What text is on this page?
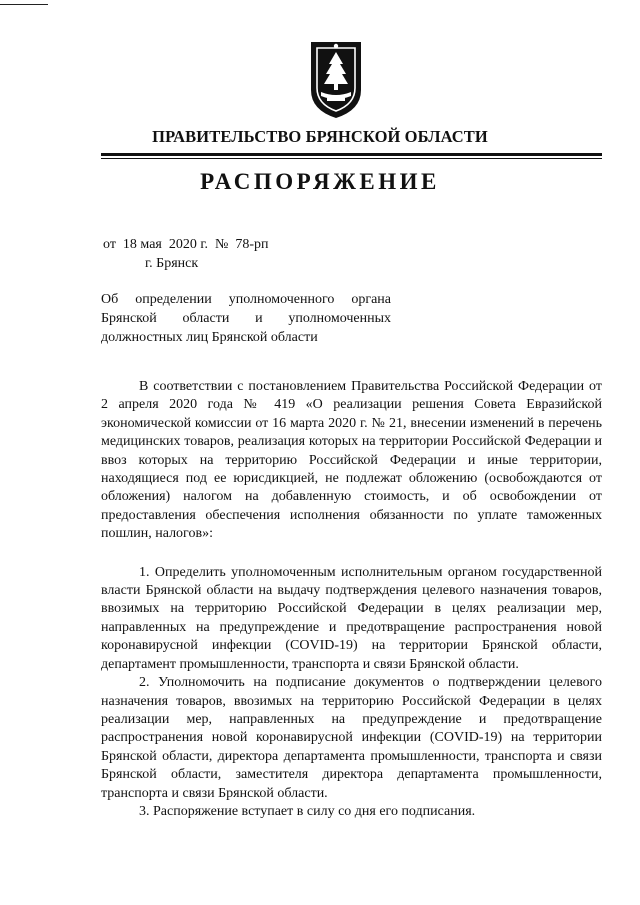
ПРАВИТЕЛЬСТВО БРЯНСКОЙ ОБЛАСТИ
РАСПОРЯЖЕНИЕ
от  18 мая  2020 г.  №  78-рп
г. Брянск
Об определении уполномоченного органа Брянской области и уполномоченных должностных лиц Брянской области

В соответствии с постановлением Правительства Российской Федерации от 2 апреля 2020 года № 419 «О реализации решения Совета Евразийской экономической комиссии от 16 марта 2020 г. № 21, внесении изменений в перечень медицинских товаров, реализация которых на территории Российской Федерации и ввоз которых на территорию Российской Федерации и иные территории, находящиеся под ее юрисдикцией, не подлежат обложению (освобождаются от обложения) налогом на добавленную стоимость, и об освобождении от предоставления обеспечения исполнения обязанности по уплате таможенных пошлин, налогов»:

1. Определить уполномоченным исполнительным органом государственной власти Брянской области на выдачу подтверждения целевого назначения товаров, ввозимых на территорию Российской Федерации в целях реализации мер, направленных на предупреждение и предотвращение распространения новой коронавирусной инфекции (COVID-19) на территории Брянской области, департамент промышленности, транспорта и связи Брянской области.

2. Уполномочить на подписание документов о подтверждении целевого назначения товаров, ввозимых на территорию Российской Федерации в целях реализации мер, направленных на предупреждение и предотвращение распространения новой коронавирусной инфекции (COVID-19) на территории Брянской области, директора департамента промышленности, транспорта и связи Брянской области, заместителя директора департамента промышленности, транспорта и связи Брянской области.

3. Распоряжение вступает в силу со дня его подписания.
